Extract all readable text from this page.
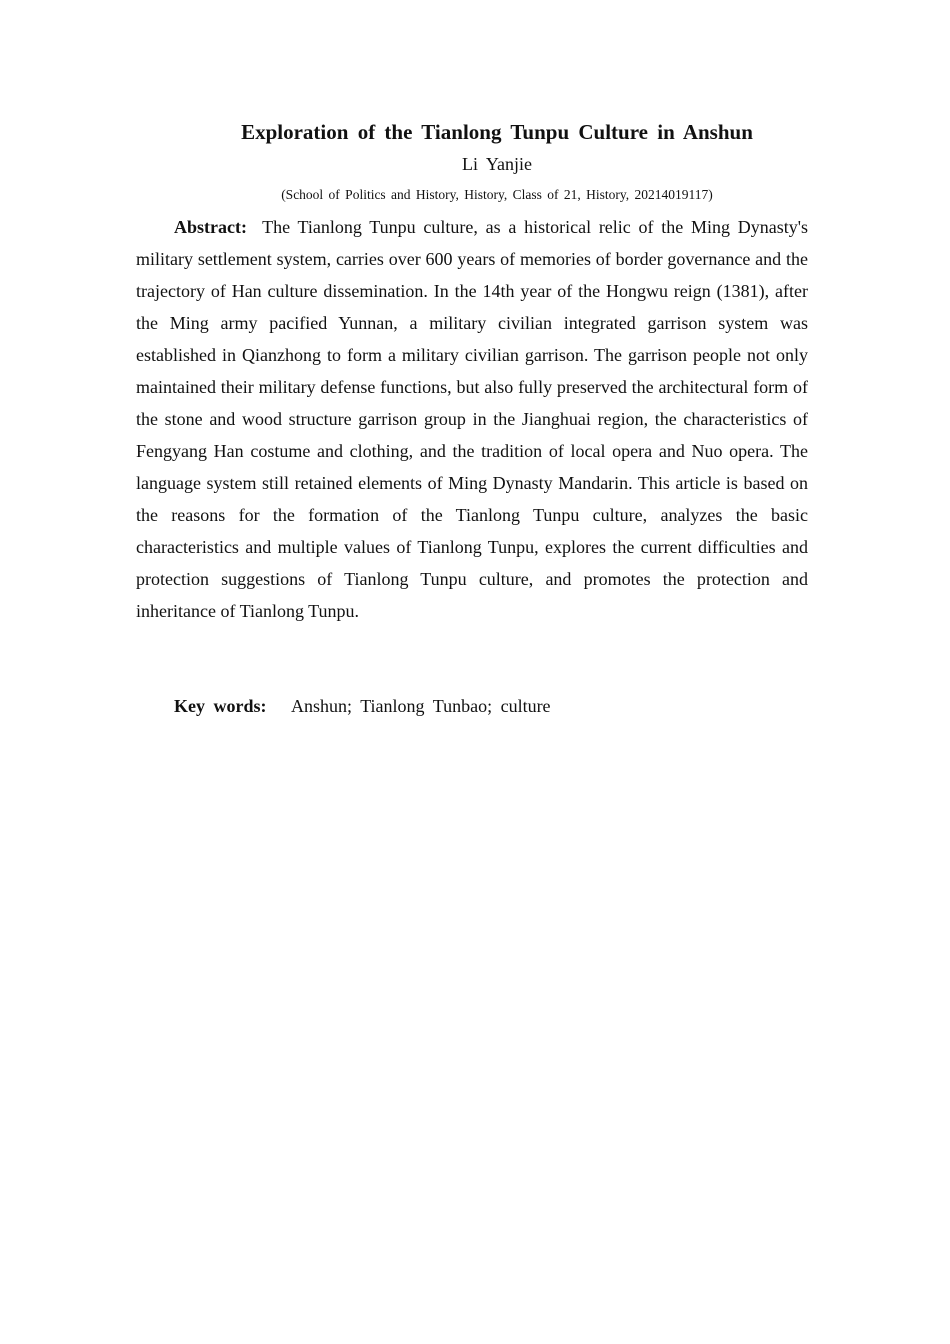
Exploration of the Tianlong Tunpu Culture in Anshun
Li Yanjie
(School of Politics and History, History, Class of 21, History, 20214019117)

Abstract: The Tianlong Tunpu culture, as a historical relic of the Ming Dynasty's military settlement system, carries over 600 years of memories of border governance and the trajectory of Han culture dissemination. In the 14th year of the Hongwu reign (1381), after the Ming army pacified Yunnan, a military civilian integrated garrison system was established in Qianzhong to form a military civilian garrison. The garrison people not only maintained their military defense functions, but also fully preserved the architectural form of the stone and wood structure garrison group in the Jianghuai region, the characteristics of Fengyang Han costume and clothing, and the tradition of local opera and Nuo opera. The language system still retained elements of Ming Dynasty Mandarin. This article is based on the reasons for the formation of the Tianlong Tunpu culture, analyzes the basic characteristics and multiple values of Tianlong Tunpu, explores the current difficulties and protection suggestions of Tianlong Tunpu culture, and promotes the protection and inheritance of Tianlong Tunpu.

Key words: Anshun; Tianlong Tunbao; culture
